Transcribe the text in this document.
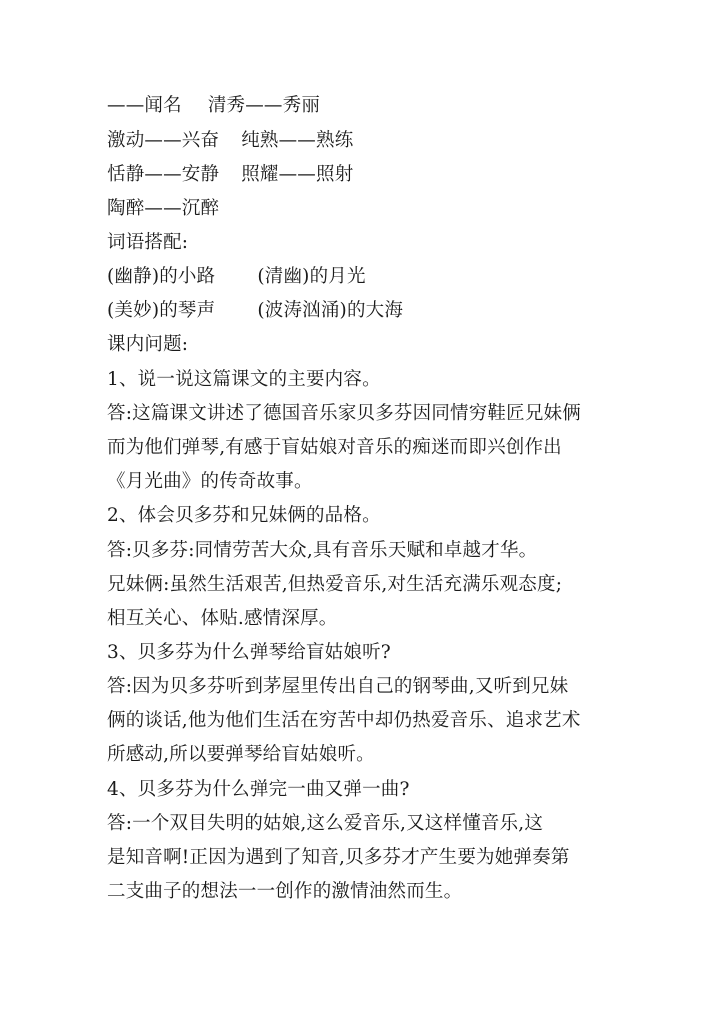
——闻名 清秀——秀丽
激动——兴奋 纯熟——熟练
恬静——安静 照耀——照射
陶醉——沉醉
词语搭配:
(幽静)的小路 (清幽)的月光
(美妙)的琴声 (波涛汹涌)的大海
课内问题:
1、说一说这篇课文的主要内容。
答:这篇课文讲述了德国音乐家贝多芬因同情穷鞋匠兄妹俩
而为他们弹琴,有感于盲姑娘对音乐的痴迷而即兴创作出
《月光曲》的传奇故事。
2、体会贝多芬和兄妹俩的品格。
答:贝多芬:同情劳苦大众,具有音乐天赋和卓越才华。
兄妹俩:虽然生活艰苦,但热爱音乐,对生活充满乐观态度;
相互关心、体贴.感情深厚。
3、贝多芬为什么弹琴给盲姑娘听?
答:因为贝多芬听到茅屋里传出自己的钢琴曲,又听到兄妹
俩的谈话,他为他们生活在穷苦中却仍热爱音乐、追求艺术
所感动,所以要弹琴给盲姑娘听。
4、贝多芬为什么弹完一曲又弹一曲?
答:一个双目失明的姑娘,这么爱音乐,又这样懂音乐,这
是知音啊!正因为遇到了知音,贝多芬才产生要为她弹奏第
二支曲子的想法一一创作的激情油然而生。
